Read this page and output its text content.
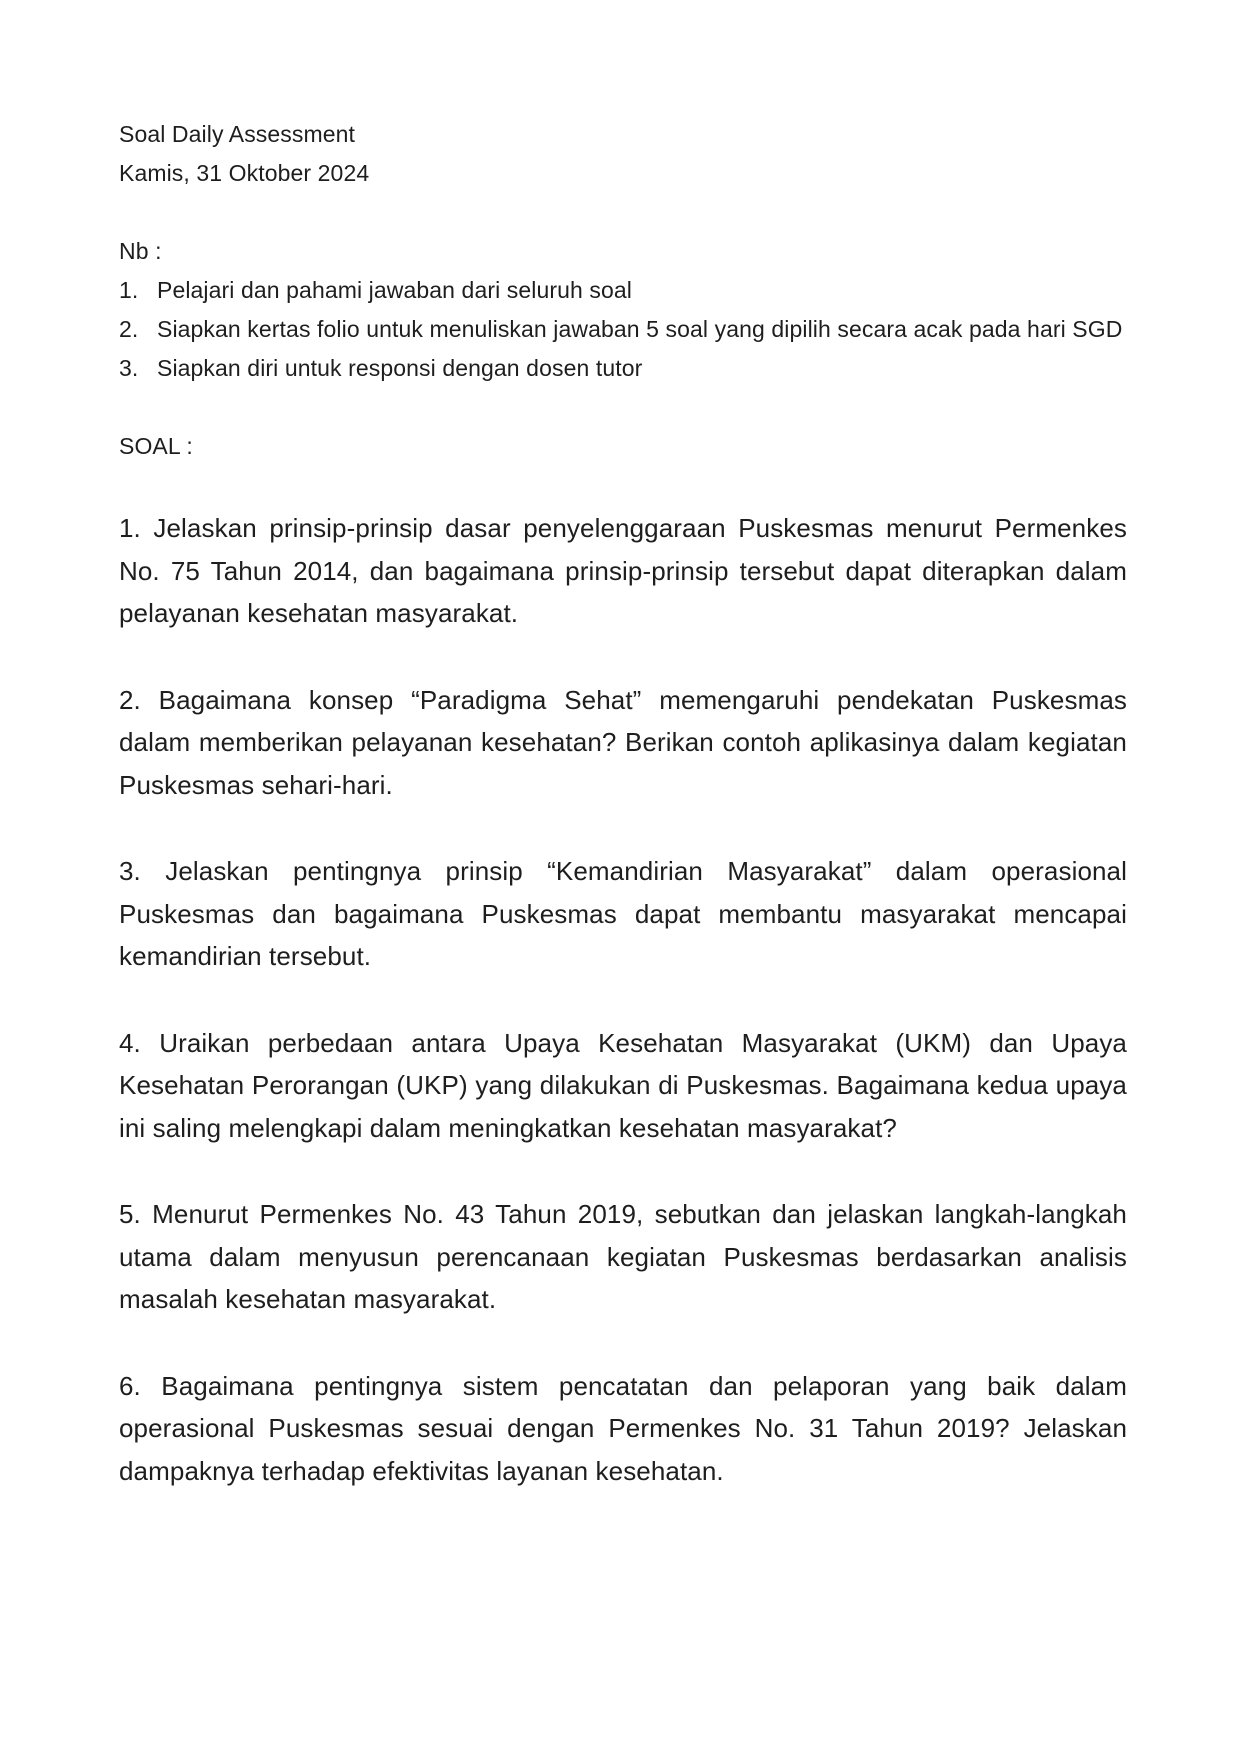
Soal Daily Assessment
Kamis, 31 Oktober 2024
Nb :
1. Pelajari dan pahami jawaban dari seluruh soal
2. Siapkan kertas folio untuk menuliskan jawaban 5 soal yang dipilih secara acak pada hari SGD
3. Siapkan diri untuk responsi dengan dosen tutor
SOAL :

1. Jelaskan prinsip-prinsip dasar penyelenggaraan Puskesmas menurut Permenkes No. 75 Tahun 2014, dan bagaimana prinsip-prinsip tersebut dapat diterapkan dalam pelayanan kesehatan masyarakat.

2. Bagaimana konsep “Paradigma Sehat” memengaruhi pendekatan Puskesmas dalam memberikan pelayanan kesehatan? Berikan contoh aplikasinya dalam kegiatan Puskesmas sehari-hari.

3. Jelaskan pentingnya prinsip “Kemandirian Masyarakat” dalam operasional Puskesmas dan bagaimana Puskesmas dapat membantu masyarakat mencapai kemandirian tersebut.

4. Uraikan perbedaan antara Upaya Kesehatan Masyarakat (UKM) dan Upaya Kesehatan Perorangan (UKP) yang dilakukan di Puskesmas. Bagaimana kedua upaya ini saling melengkapi dalam meningkatkan kesehatan masyarakat?

5. Menurut Permenkes No. 43 Tahun 2019, sebutkan dan jelaskan langkah-langkah utama dalam menyusun perencanaan kegiatan Puskesmas berdasarkan analisis masalah kesehatan masyarakat.

6. Bagaimana pentingnya sistem pencatatan dan pelaporan yang baik dalam operasional Puskesmas sesuai dengan Permenkes No. 31 Tahun 2019? Jelaskan dampaknya terhadap efektivitas layanan kesehatan.
